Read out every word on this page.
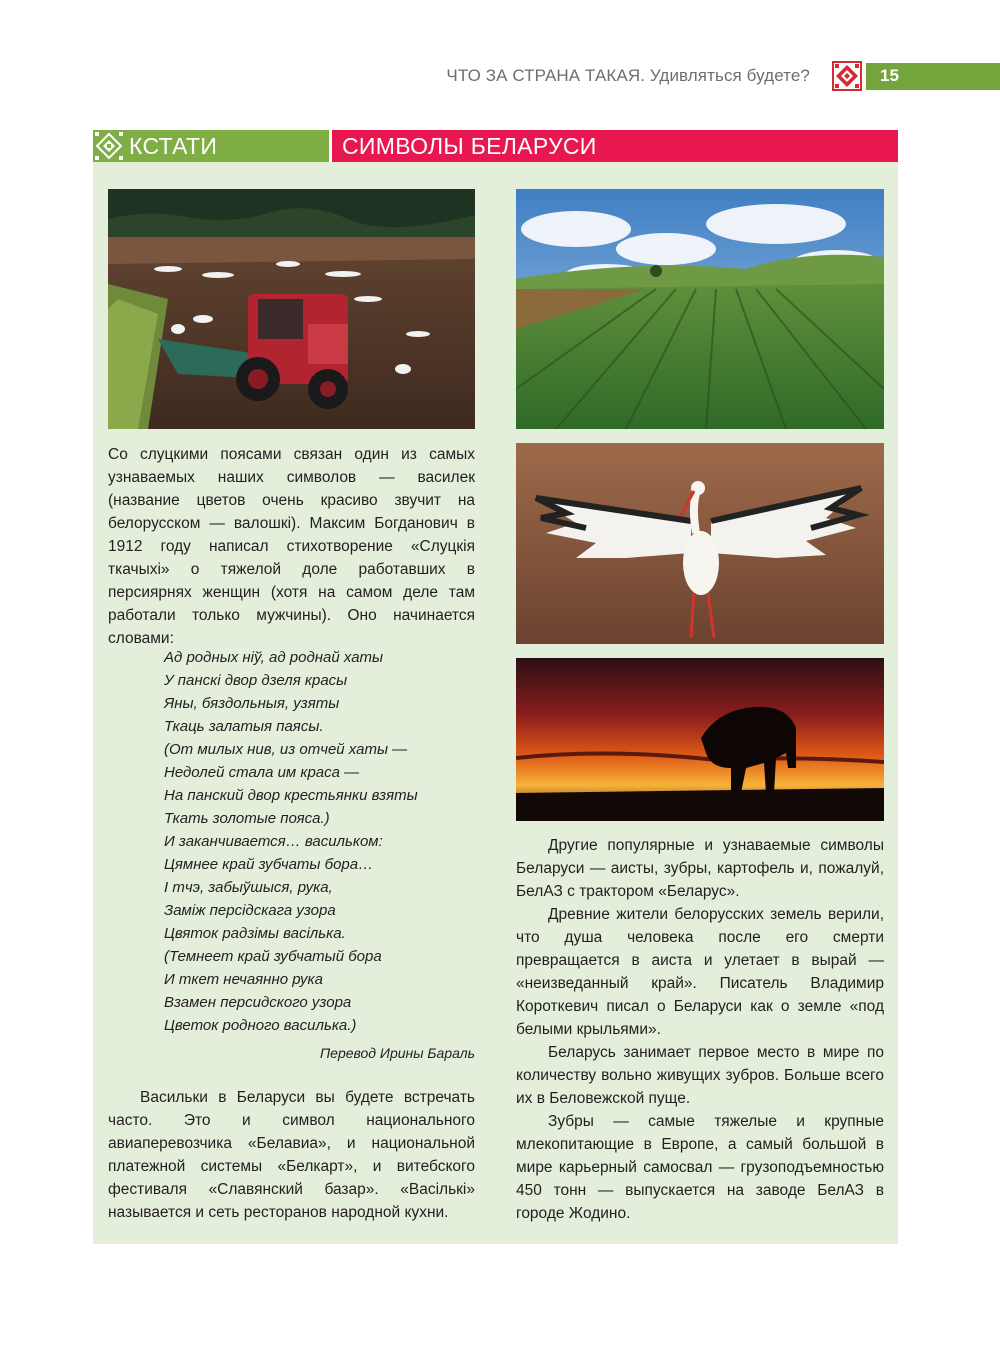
ЧТО ЗА СТРАНА ТАКАЯ. Удивляться будете?	15
КСТАТИ	СИМВОЛЫ БЕЛАРУСИ

Со слуцкими поясами связан один из самых узнаваемых наших символов — василек (название цветов очень красиво звучит на белорусском — валошкі). Максим Богданович в 1912 году написал стихотворение «Слуцкія ткачыхі» о тяжелой доле работавших в персиярнях женщин (хотя на самом деле там работали только мужчины). Оно начинается словами:

Ад родных ніў, ад роднай хаты
У панскі двор дзеля красы
Яны, бяздольныя, узяты
Ткаць залатыя паясы.
(От милых нив, из отчей хаты —
Недолей стала им краса —
На панский двор крестьянки взяты
Ткать золотые пояса.)
И заканчивается… васильком:
Цямнее край зубчаты бора…
І тчэ, забыўшыся, рука,
Заміж персідскага узора
Цвяток радзімы васілька.
(Темнеет край зубчатый бора
И ткет нечаянно рука
Взамен персидского узора
Цветок родного василька.)
Перевод Ирины Бараль

Васильки в Беларуси вы будете встречать часто. Это и символ национального авиаперевозчика «Белавиа», и национальной платежной системы «Белкарт», и витебского фестиваля «Славянский базар». «Васількі» называется и сеть ресторанов народной кухни.

Другие популярные и узнаваемые символы Беларуси — аисты, зубры, картофель и, пожалуй, БелАЗ с трактором «Беларус».

Древние жители белорусских земель верили, что душа человека после его смерти превращается в аиста и улетает в вырай — «неизведанный край». Писатель Владимир Короткевич писал о Беларуси как о земле «под белыми крыльями».

Беларусь занимает первое место в мире по количеству вольно живущих зубров. Больше всего их в Беловежской пуще.

Зубры — самые тяжелые и крупные млекопитающие в Европе, а самый большой в мире карьерный самосвал — грузоподъемностью 450 тонн — выпускается на заводе БелАЗ в городе Жодино.
